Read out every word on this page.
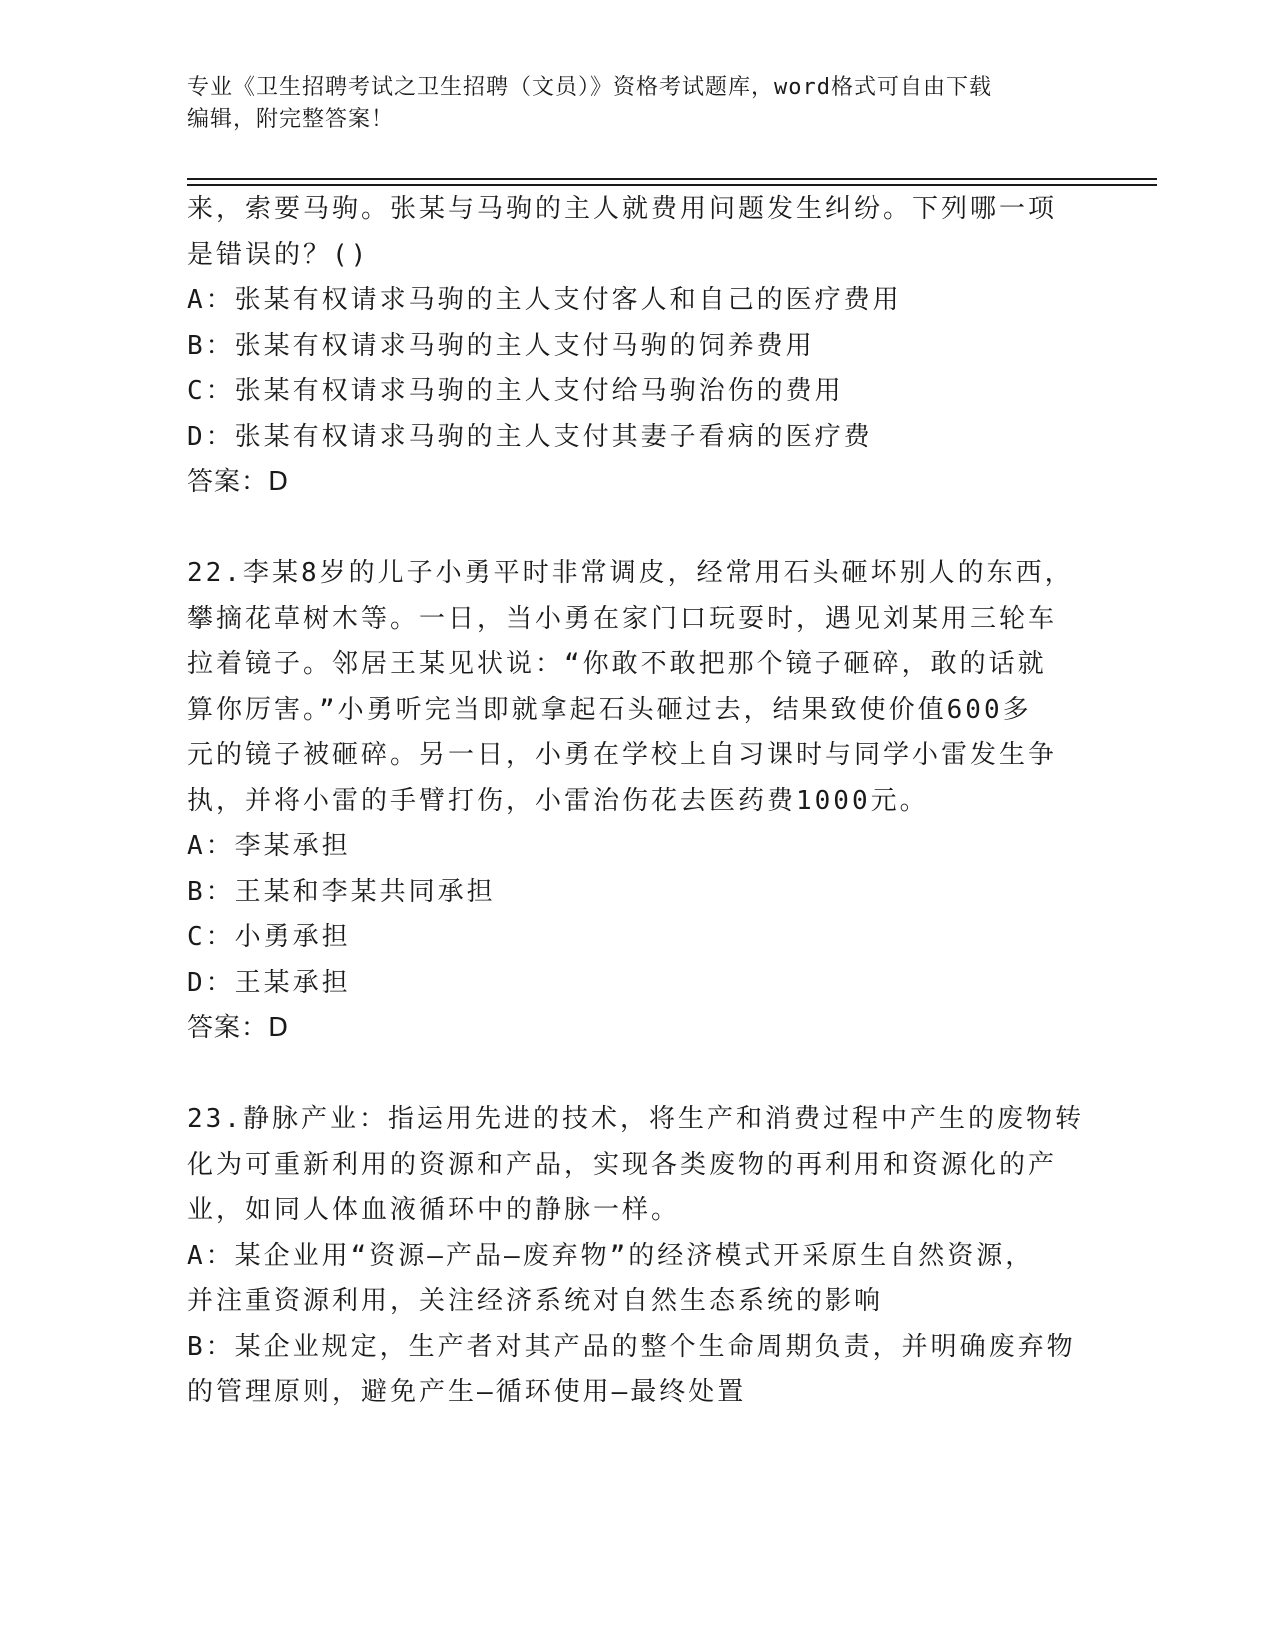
专业《卫生招聘考试之卫生招聘（文员）》资格考试题库，word格式可自由下载
编辑，附完整答案！
来，索要马驹。张某与马驹的主人就费用问题发生纠纷。下列哪一项
是错误的？()
A：张某有权请求马驹的主人支付客人和自己的医疗费用
B：张某有权请求马驹的主人支付马驹的饲养费用
C：张某有权请求马驹的主人支付给马驹治伤的费用
D：张某有权请求马驹的主人支付其妻子看病的医疗费
答案：D
22.李某8岁的儿子小勇平时非常调皮，经常用石头砸坏别人的东西，
攀摘花草树木等。一日，当小勇在家门口玩耍时，遇见刘某用三轮车
拉着镜子。邻居王某见状说：“你敢不敢把那个镜子砸碎，敢的话就
算你厉害。”小勇听完当即就拿起石头砸过去，结果致使价值600多
元的镜子被砸碎。另一日，小勇在学校上自习课时与同学小雷发生争
执，并将小雷的手臂打伤，小雷治伤花去医药费1000元。
A：李某承担
B：王某和李某共同承担
C：小勇承担
D：王某承担
答案：D
23.静脉产业：指运用先进的技术，将生产和消费过程中产生的废物转
化为可重新利用的资源和产品，实现各类废物的再利用和资源化的产
业，如同人体血液循环中的静脉一样。
A：某企业用“资源—产品—废弃物”的经济模式开采原生自然资源，
并注重资源利用，关注经济系统对自然生态系统的影响
B：某企业规定，生产者对其产品的整个生命周期负责，并明确废弃物
的管理原则，避免产生—循环使用—最终处置
